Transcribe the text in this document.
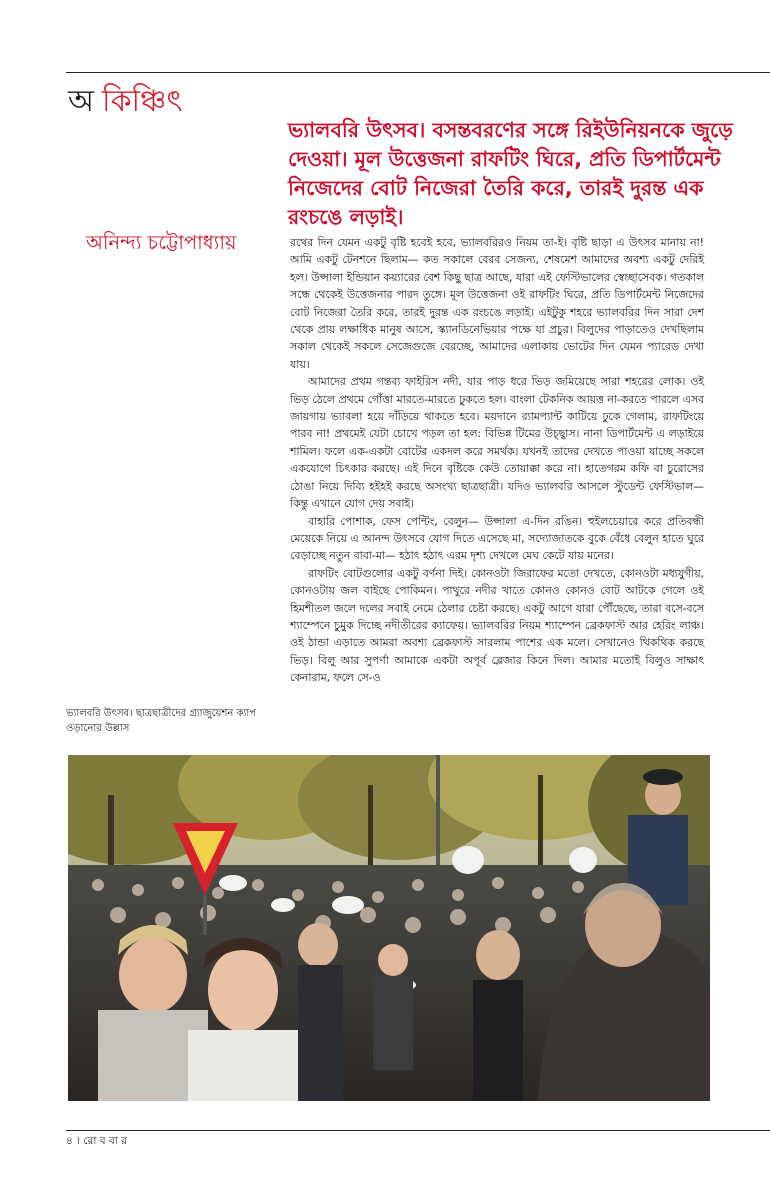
অ কিঞ্চিৎ
ভ্যালবরি উৎসব। বসন্তবরণের সঙ্গে রিইউনিয়নকে জুড়ে দেওয়া। মূল উত্তেজনা রাফটিং ঘিরে, প্রতি ডিপার্টমেন্ট নিজেদের বোট নিজেরা তৈরি করে, তারই দুরন্ত এক রংচঙে লড়াই।
অনিন্দ্য চট্টোপাধ্যায়	রথের দিন যেমন একটু বৃষ্টি হবেই হবে, ভ্যালবরিরও নিয়ম তা-ই। বৃষ্টি ছাড়া এ উৎসব মানায় না! আমি একটু টেনশনে ছিলাম— কত সকালে বেরব সেজন্য, শেষমেশ আমাদের অবশ্য একটু দেরিই হল। উপ্সালা ইন্ডিয়ান কয়্যারের বেশ কিছু ছাত্র আছে, যারা এই ফেস্টিভালের স্বেচ্ছাসেবক। গতকাল সন্ধে থেকেই উত্তেজনার পারদ তুঙ্গে। মূল উত্তেজনা ওই রাফটিং ঘিরে, প্রতি ডিপার্টমেন্ট নিজেদের বোট নিজেরা তৈরি করে, তারই দুরন্ত এক রংচঙে লড়াই। এইটুকু শহরে ভ্যালবরির দিন সারা দেশ থেকে প্রায় লক্ষাধিক মানুষ আসে, স্ক্যানডিনেভিয়ার পক্ষে যা প্রচুর। বিলুদের পাড়াতেও দেখছিলাম সকাল থেকেই সকলে সেজেগুজে বেরচ্ছে, আমাদের এলাকায় ভোটের দিন যেমন প্যারেড দেখা যায়।

আমাদের প্রথম গন্তব্য ফাইরিস নদী, যার পাড় ধরে ভিড় জমিয়েছে সারা শহরের লোক। ওই ভিড় ঠেলে প্রথমে গোঁত্তা মারতে-মারতে ঢুকতে হল। বাংলা টেকনিক আয়ত্ত না-করতে পারলে এসব জায়গায় ভ্যাবলা হয়ে দাঁড়িয়ে থাকতে হবে। ময়দানে র‍্যামপ্যান্ট কাটিয়ে ঢুকে গেলাম, রাফটিংয়ে পারব না! প্রথমেই যেটা চোখে পড়ল তা হল: বিভিন্ন টিমের উচ্ছ্বাস। নানা ডিপার্টমেন্ট এ লড়াইয়ে শামিল। ফলে এক-একটা বোটের একদল করে সমর্থক। যখনই তাদের দেখতে পাওয়া যাচ্ছে সকলে একযোগে চিৎকার করছে। এই দিনে বৃষ্টিকে কেউ তোয়াক্কা করে না। হাতেগরম কফি বা চুরোসের ঠোঙা নিয়ে দিব্যি হইহই করছে অসংখ্য ছাত্রছাত্রী। যদিও ভ্যালবরি আসলে স্টুডেন্ট ফেস্টিভাল— কিন্তু এখানে যোগ দেয় সবাই।

বাহারি পোশাক, ফেস পেন্টিং, বেলুন— উপ্সালা এ-দিন রঙিন। হুইলচেয়ারে করে প্রতিবন্ধী মেয়েকে নিয়ে এ আনন্দ উৎসবে যোগ দিতে এসেছে মা, সদ্যোজাতকে বুকে বেঁধে বেলুন হাতে ঘুরে বেড়াচ্ছে নতুন বাবা-মা— হঠাৎ হঠাৎ এরম দৃশ্য দেখলে মেঘ কেটে যায় মনের।

রাফটিং বোটগুলোর একটু বর্ণনা দিই। কোনওটা জিরাফের মতো দেখতে, কোনওটা মধ্যযুগীয়, কোনওটায় জল বাইছে পোকিমন। পাথুরে নদীর খাতে কোনও কোনও বোট আটকে গেলে ওই হিমশীতল জলে দলের সবাই নেমে ঠেলার চেষ্টা করছে। একটু আগে যারা পৌঁছেছে, তারা বসে-বসে শ্যাম্পেনে চুমুক দিচ্ছে নদীতীরের ক্যাফেয়। ভ্যালবরির নিয়ম শ্যাম্পেন ব্রেকফাস্ট আর হেরিং লাঞ্চ। ওই ঠান্ডা এড়াতে আমরা অবশ্য ব্রেকফাস্ট সারলাম পাশের এক মলে। সেখানেও থিকথিক করছে ভিড়। বিলু আর সুপর্ণা আমাকে একটা অপূর্ব ব্লেজার কিনে দিল। আমার মতোই বিলুও সাক্ষাৎ কেনারাম, ফলে সে-ও

ভ্যালবরি উৎসব। ছাত্রছাত্রীদের গ্র্যাজুয়েশন ক্যাপ ওড়ানোর উল্লাস
৪ । রো ব বা র
